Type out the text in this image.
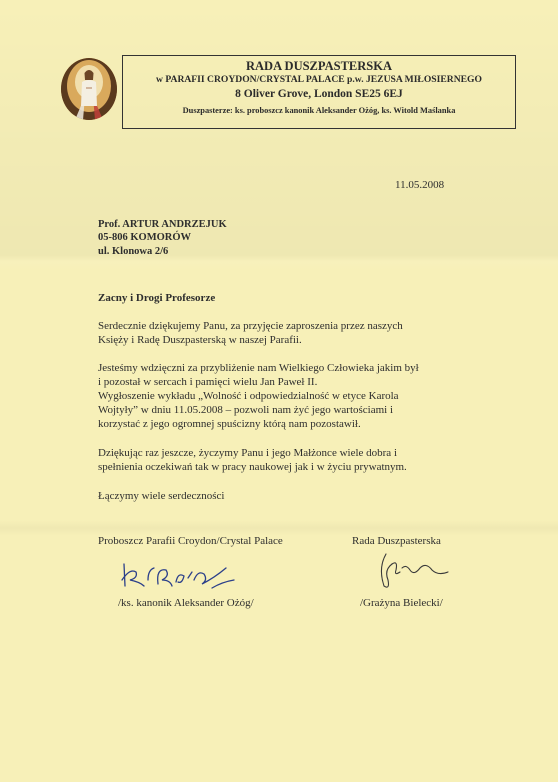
RADA DUSZPASTERSKA
w PARAFII CROYDON/CRYSTAL PALACE p.w. JEZUSA MIŁOSIERNEGO
8 Oliver Grove, London SE25 6EJ
Duszpasterze: ks. proboszcz kanonik Aleksander Ożóg, ks. Witold Maślanka
11.05.2008
Prof. ARTUR ANDRZEJUK
05-806 KOMORÓW
ul. Klonowa 2/6
Zacny i Drogi Profesorze
Serdecznie dziękujemy Panu, za przyjęcie zaproszenia przez naszych
Księży i Radę Duszpasterską w naszej Parafii.
Jesteśmy wdzięczni za przybliżenie nam Wielkiego Człowieka jakim był
i pozostał w sercach i pamięci wielu Jan Paweł II.
Wygłoszenie wykładu „Wolność i odpowiedzialność w etyce Karola
Wojtyły” w dniu 11.05.2008 – pozwoli nam żyć jego wartościami i
korzystać z jego ogromnej spuścizny którą nam pozostawił.
Dziękując raz jeszcze, życzymy Panu i jego Małżonce wiele dobra i
spełnienia oczekiwań tak w pracy naukowej jak i w życiu prywatnym.
Łączymy wiele serdeczności
Proboszcz Parafii Croydon/Crystal Palace	Rada Duszpasterska
/ks. kanonik Aleksander Ożóg/	/Grażyna Bielecki/
